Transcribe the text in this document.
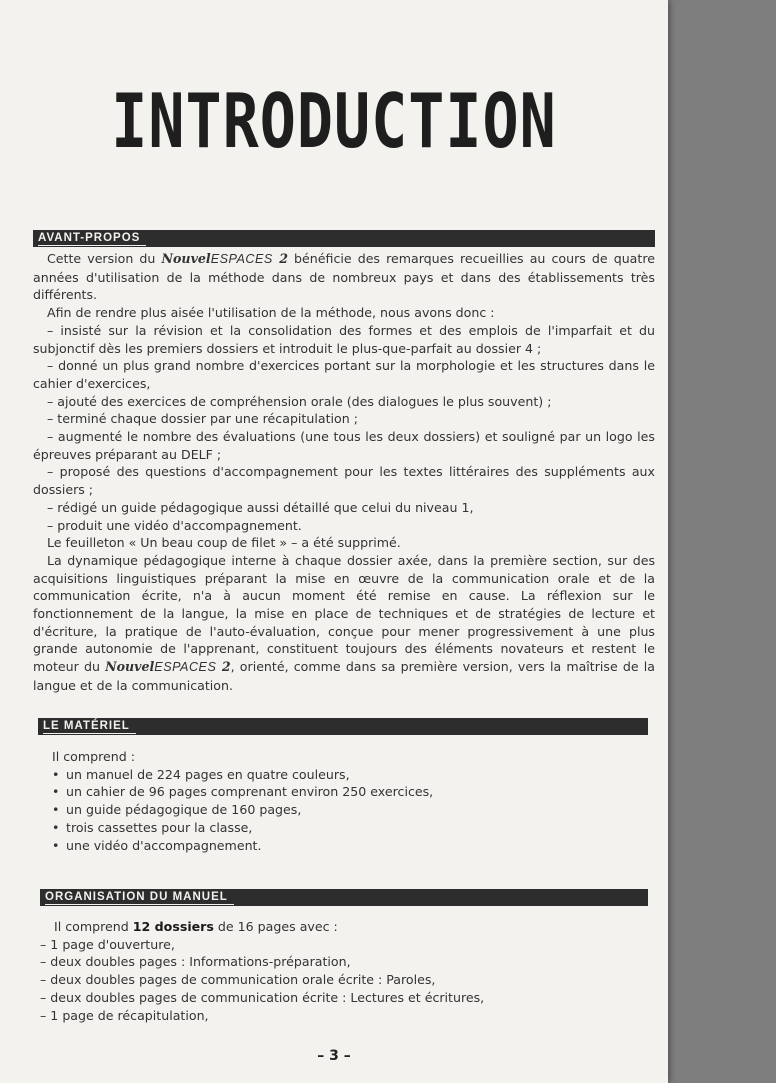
INTRODUCTION
AVANT-PROPOS

Cette version du NouvelESPACES 2 bénéficie des remarques recueillies au cours de quatre années d'utilisation de la méthode dans de nombreux pays et dans des établissements très différents.

Afin de rendre plus aisée l'utilisation de la méthode, nous avons donc :

– insisté sur la révision et la consolidation des formes et des emplois de l'imparfait et du subjonctif dès les premiers dossiers et introduit le plus-que-parfait au dossier 4 ;

– donné un plus grand nombre d'exercices portant sur la morphologie et les structures dans le cahier d'exercices,

– ajouté des exercices de compréhension orale (des dialogues le plus souvent) ;

– terminé chaque dossier par une récapitulation ;

– augmenté le nombre des évaluations (une tous les deux dossiers) et souligné par un logo les épreuves préparant au DELF ;

– proposé des questions d'accompagnement pour les textes littéraires des suppléments aux dossiers ;

– rédigé un guide pédagogique aussi détaillé que celui du niveau 1,

– produit une vidéo d'accompagnement.

Le feuilleton « Un beau coup de filet » – a été supprimé.

La dynamique pédagogique interne à chaque dossier axée, dans la première section, sur des acquisitions linguistiques préparant la mise en œuvre de la communication orale et de la communication écrite, n'a à aucun moment été remise en cause. La réflexion sur le fonctionnement de la langue, la mise en place de techniques et de stratégies de lecture et d'écriture, la pratique de l'auto-évaluation, conçue pour mener progressivement à une plus grande autonomie de l'apprenant, constituent toujours des éléments novateurs et restent le moteur du NouvelESPACES 2, orienté, comme dans sa première version, vers la maîtrise de la langue et de la communication.

LE MATÉRIEL

Il comprend :

• un manuel de 224 pages en quatre couleurs,
• un cahier de 96 pages comprenant environ 250 exercices,
• un guide pédagogique de 160 pages,
• trois cassettes pour la classe,
• une vidéo d'accompagnement.
ORGANISATION DU MANUEL

Il comprend 12 dossiers de 16 pages avec :

– 1 page d'ouverture,

– deux doubles pages : Informations-préparation,

– deux doubles pages de communication orale écrite : Paroles,

– deux doubles pages de communication écrite : Lectures et écritures,

– 1 page de récapitulation,

– 3 –
